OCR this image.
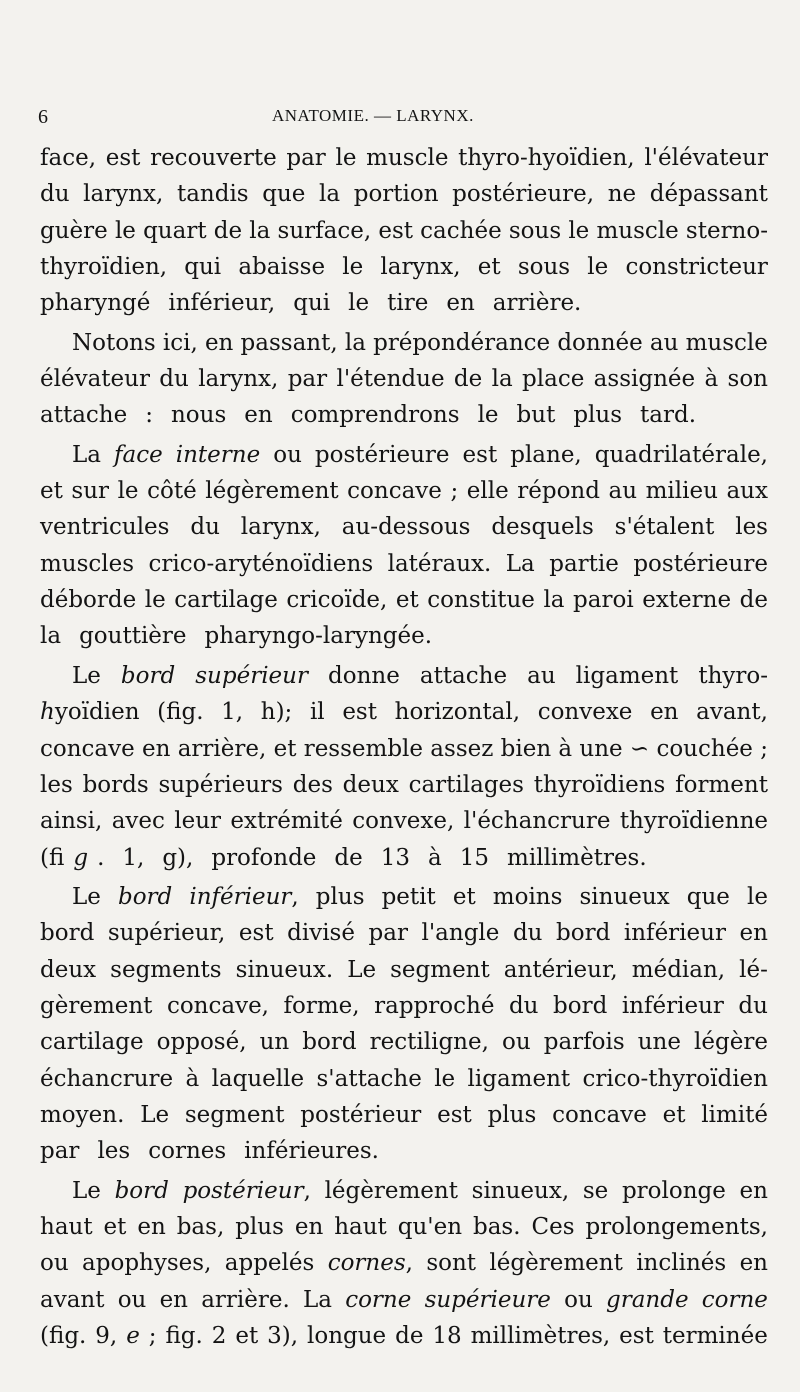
6	ANATOMIE. — LARYNX.
face, est recouverte par le muscle thyro-hyoïdien, l'élévateur
du larynx, tandis que la portion postérieure, ne dépassant
guère le quart de la surface, est cachée sous le muscle sterno-
thyroïdien, qui abaisse le larynx, et sous le constricteur
pharyngé inférieur, qui le tire en arrière.
Notons ici, en passant, la prépondérance donnée au muscle
élévateur du larynx, par l'étendue de la place assignée à son
attache : nous en comprendrons le but plus tard.
La face interne ou postérieure est plane, quadrilatérale,
et sur le côté légèrement concave ; elle répond au milieu aux
ventricules du larynx, au-dessous desquels s'étalent les
muscles crico-aryténoïdiens latéraux. La partie postérieure
déborde le cartilage cricoïde, et constitue la paroi externe de
la gouttière pharyngo-laryngée.
Le bord supérieur donne attache au ligament thyro-
hyoïdien (fig. 1, h); il est horizontal, convexe en avant,
concave en arrière, et ressemble assez bien à une ∽ couchée ;
les bords supérieurs des deux cartilages thyroïdiens forment
ainsi, avec leur extrémité convexe, l'échancrure thyroïdienne
(fi g . 1, g), profonde de 13 à 15 millimètres.
Le bord inférieur, plus petit et moins sinueux que le
bord supérieur, est divisé par l'angle du bord inférieur en
deux segments sinueux. Le segment antérieur, médian, lé-
gèrement concave, forme, rapproché du bord inférieur du
cartilage opposé, un bord rectiligne, ou parfois une légère
échancrure à laquelle s'attache le ligament crico-thyroïdien
moyen. Le segment postérieur est plus concave et limité
par les cornes inférieures.
Le bord postérieur, légèrement sinueux, se prolonge en
haut et en bas, plus en haut qu'en bas. Ces prolongements,
ou apophyses, appelés cornes, sont légèrement inclinés en
avant ou en arrière. La corne supérieure ou grande corne
(fig. 9, e ; fig. 2 et 3), longue de 18 millimètres, est terminée
